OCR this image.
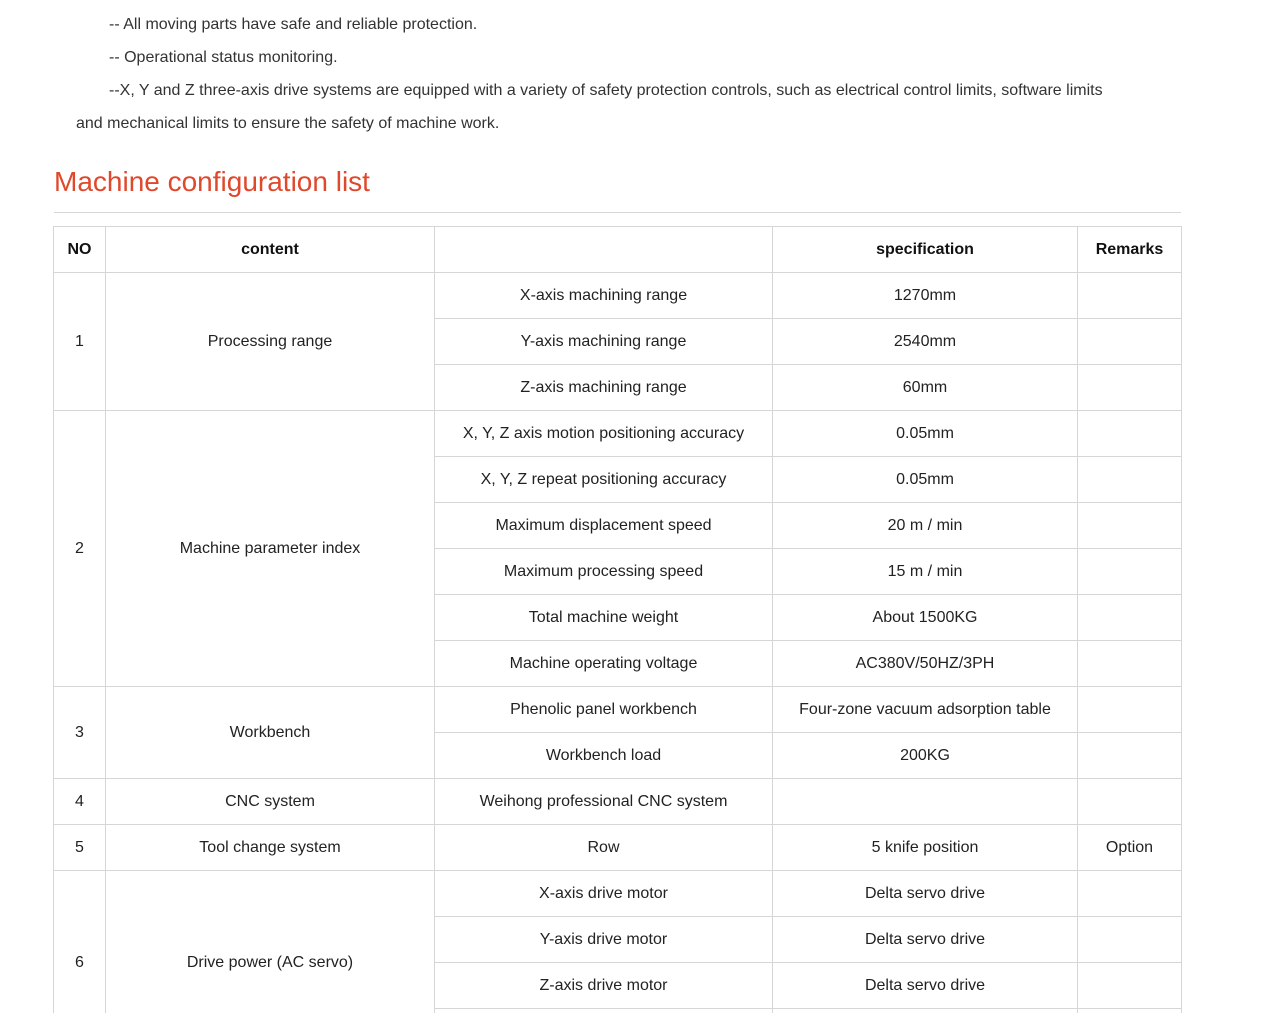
-- All moving parts have safe and reliable protection.

-- Operational status monitoring.

--X, Y and Z three-axis drive systems are equipped with a variety of safety protection controls, such as electrical control limits, software limits

and mechanical limits to ensure the safety of machine work.

Machine configuration list
NO	content		specification	Remarks
1	Processing range	X-axis machining range	1270mm	
		Y-axis machining range	2540mm	
		Z-axis machining range	60mm	
2	Machine parameter index	X, Y, Z axis motion positioning accuracy	0.05mm	
		X, Y, Z repeat positioning accuracy	0.05mm	
		Maximum displacement speed	20 m / min	
		Maximum processing speed	15 m / min	
		Total machine weight	About 1500KG	
		Machine operating voltage	AC380V/50HZ/3PH	
3	Workbench	Phenolic panel workbench	Four-zone vacuum adsorption table	
		Workbench load	200KG	
4	CNC system	Weihong professional CNC system		
5	Tool change system	Row	5 knife position	Option
6	Drive power (AC servo)	X-axis drive motor	Delta servo drive	
		Y-axis drive motor	Delta servo drive	
		Z-axis drive motor	Delta servo drive	
